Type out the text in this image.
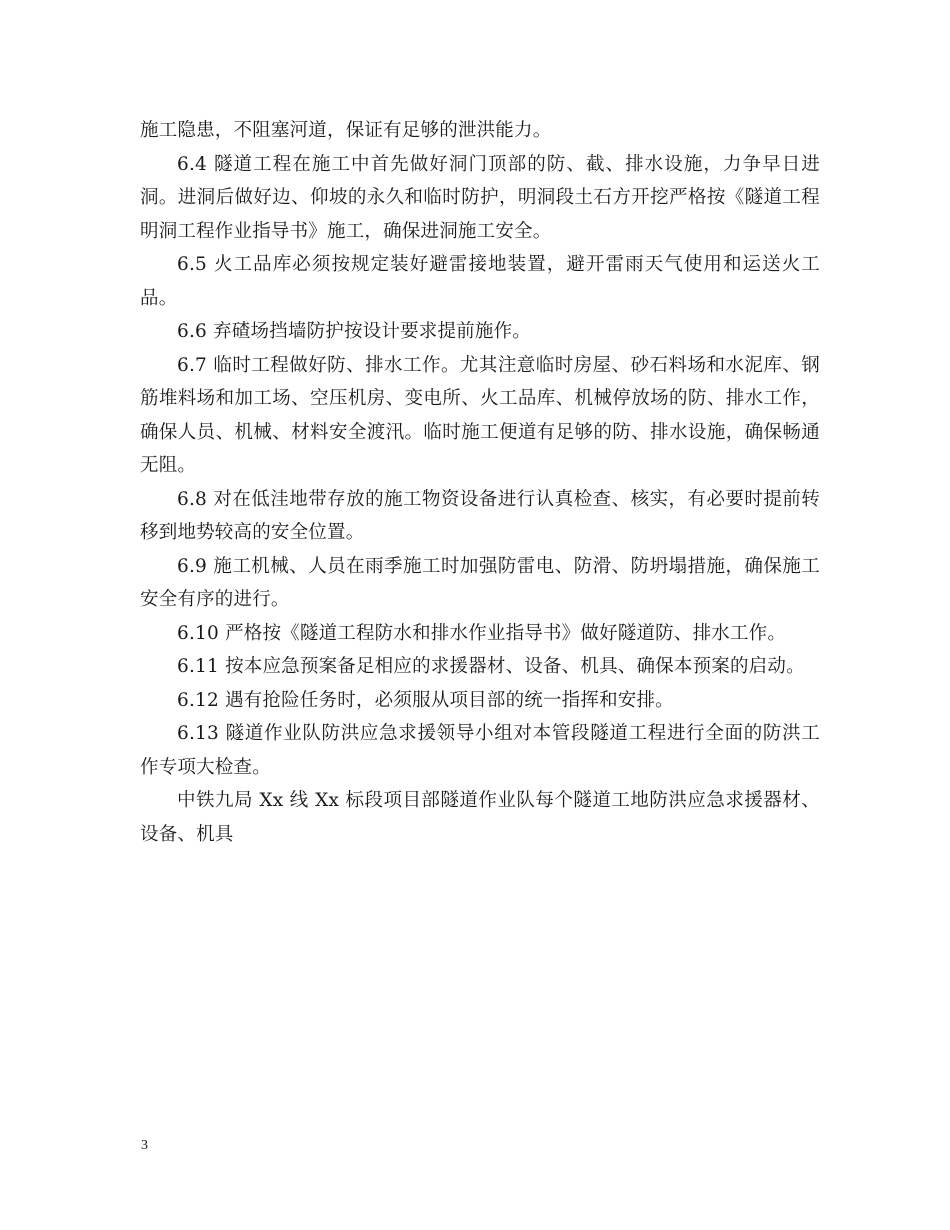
施工隐患，不阻塞河道，保证有足够的泄洪能力。

6.4 隧道工程在施工中首先做好洞门顶部的防、截、排水设施，力争早日进洞。进洞后做好边、仰坡的永久和临时防护，明洞段土石方开挖严格按《隧道工程明洞工程作业指导书》施工，确保进洞施工安全。

6.5 火工品库必须按规定装好避雷接地装置，避开雷雨天气使用和运送火工品。

6.6 弃碴场挡墙防护按设计要求提前施作。

6.7 临时工程做好防、排水工作。尤其注意临时房屋、砂石料场和水泥库、钢筋堆料场和加工场、空压机房、变电所、火工品库、机械停放场的防、排水工作，确保人员、机械、材料安全渡汛。临时施工便道有足够的防、排水设施，确保畅通无阻。

6.8 对在低洼地带存放的施工物资设备进行认真检查、核实，有必要时提前转移到地势较高的安全位置。

6.9 施工机械、人员在雨季施工时加强防雷电、防滑、防坍塌措施，确保施工安全有序的进行。

6.10 严格按《隧道工程防水和排水作业指导书》做好隧道防、排水工作。

6.11 按本应急预案备足相应的求援器材、设备、机具、确保本预案的启动。

6.12 遇有抢险任务时，必须服从项目部的统一指挥和安排。

6.13 隧道作业队防洪应急求援领导小组对本管段隧道工程进行全面的防洪工作专项大检查。

中铁九局 Xx 线 Xx 标段项目部隧道作业队每个隧道工地防洪应急求援器材、设备、机具

3
